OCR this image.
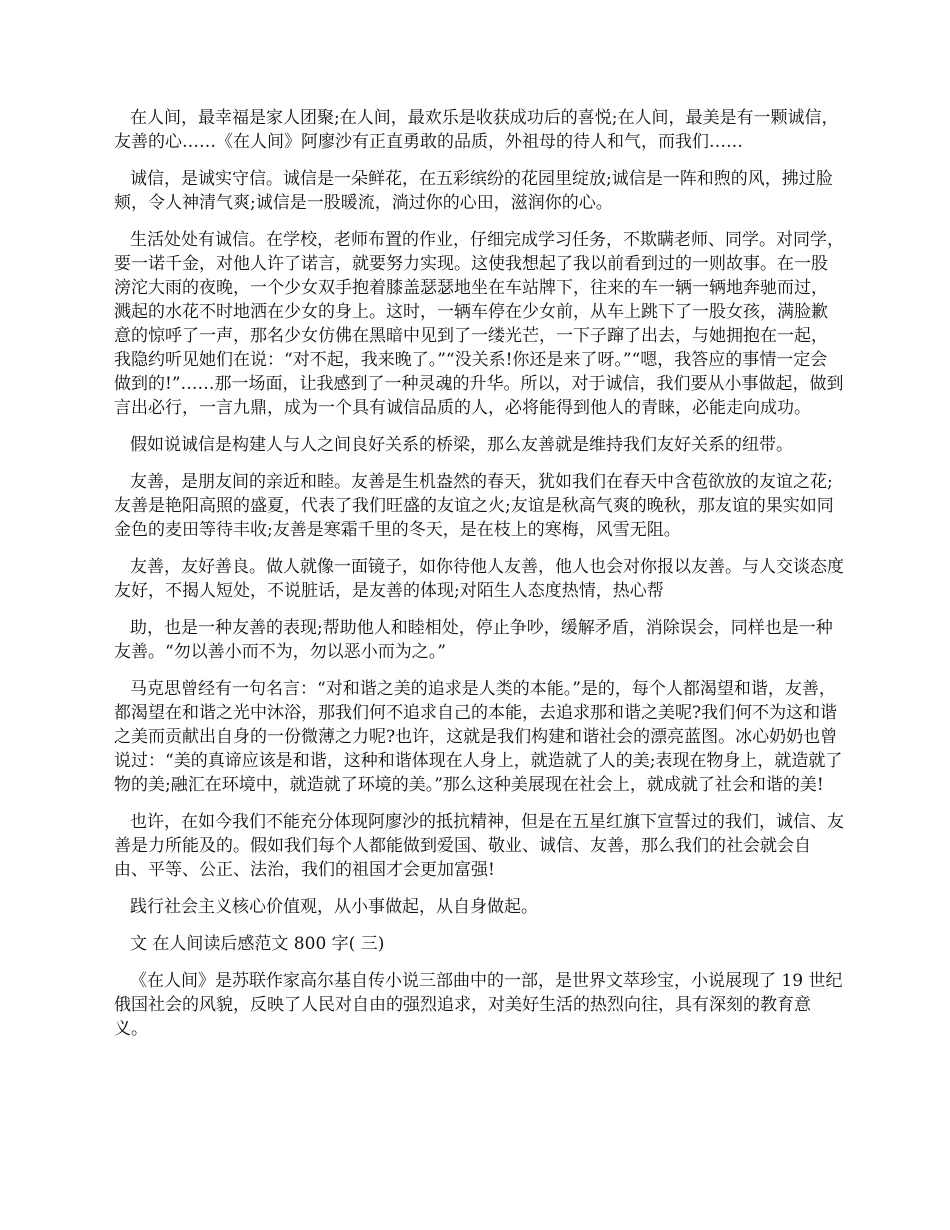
在人间，最幸福是家人团聚;在人间，最欢乐是收获成功后的喜悦;在人间，最美是有一颗诚信，友善的心……《在人间》阿廖沙有正直勇敢的品质，外祖母的待人和气，而我们……

诚信，是诚实守信。诚信是一朵鲜花，在五彩缤纷的花园里绽放;诚信是一阵和煦的风，拂过脸颊，令人神清气爽;诚信是一股暖流，淌过你的心田，滋润你的心。

生活处处有诚信。在学校，老师布置的作业，仔细完成学习任务，不欺瞒老师、同学。对同学，要一诺千金，对他人许了诺言，就要努力实现。这使我想起了我以前看到过的一则故事。在一股滂沱大雨的夜晚，一个少女双手抱着膝盖瑟瑟地坐在车站牌下，往来的车一辆一辆地奔驰而过，溅起的水花不时地洒在少女的身上。这时，一辆车停在少女前，从车上跳下了一股女孩，满脸歉意的惊呼了一声，那名少女仿佛在黑暗中见到了一缕光芒，一下子蹿了出去，与她拥抱在一起，我隐约听见她们在说：“对不起，我来晚了。”“没关系!你还是来了呀。”“嗯，我答应的事情一定会做到的!”……那一场面，让我感到了一种灵魂的升华。所以，对于诚信，我们要从小事做起，做到言出必行，一言九鼎，成为一个具有诚信品质的人，必将能得到他人的青睐，必能走向成功。

假如说诚信是构建人与人之间良好关系的桥梁，那么友善就是维持我们友好关系的纽带。

友善，是朋友间的亲近和睦。友善是生机盎然的春天，犹如我们在春天中含苞欲放的友谊之花;友善是艳阳高照的盛夏，代表了我们旺盛的友谊之火;友谊是秋高气爽的晚秋，那友谊的果实如同金色的麦田等待丰收;友善是寒霜千里的冬天，是在枝上的寒梅，风雪无阻。

友善，友好善良。做人就像一面镜子，如你待他人友善，他人也会对你报以友善。与人交谈态度友好，不揭人短处，不说脏话，是友善的体现;对陌生人态度热情，热心帮

助，也是一种友善的表现;帮助他人和睦相处，停止争吵，缓解矛盾，消除误会，同样也是一种友善。“勿以善小而不为，勿以恶小而为之。”

马克思曾经有一句名言：“对和谐之美的追求是人类的本能。”是的，每个人都渴望和谐，友善，都渴望在和谐之光中沐浴，那我们何不追求自己的本能，去追求那和谐之美呢?我们何不为这和谐之美而贡献出自身的一份微薄之力呢?也许，这就是我们构建和谐社会的漂亮蓝图。冰心奶奶也曾说过：“美的真谛应该是和谐，这种和谐体现在人身上，就造就了人的美;表现在物身上，就造就了物的美;融汇在环境中，就造就了环境的美。”那么这种美展现在社会上，就成就了社会和谐的美!

也许，在如今我们不能充分体现阿廖沙的抵抗精神，但是在五星红旗下宣誓过的我们，诚信、友善是力所能及的。假如我们每个人都能做到爱国、敬业、诚信、友善，那么我们的社会就会自由、平等、公正、法治，我们的祖国才会更加富强!

践行社会主义核心价值观，从小事做起，从自身做起。

文 在人间读后感范文 800 字( 三)

《在人间》是苏联作家高尔基自传小说三部曲中的一部，是世界文萃珍宝，小说展现了 19 世纪俄国社会的风貌，反映了人民对自由的强烈追求，对美好生活的热烈向往，具有深刻的教育意义。
